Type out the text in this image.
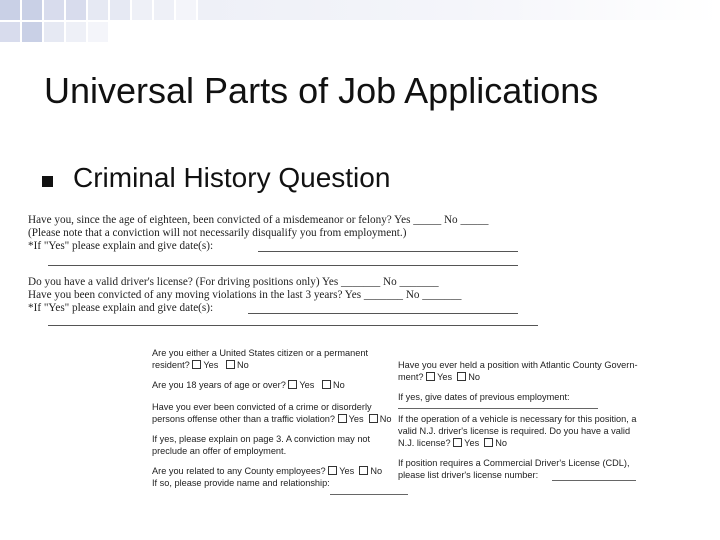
Universal Parts of Job Applications
Criminal History Question
Have you, since the age of eighteen, been convicted of a misdemeanor or felony? Yes _____ No _____
(Please note that a conviction will not necessarily disqualify you from employment.)
*If "Yes" please explain and give date(s):
Do you have a valid driver's license? (For driving positions only) Yes _______ No _______
Have you been convicted of any moving violations in the last 3 years? Yes _______ No _______
*If "Yes" please explain and give date(s):
Are you either a United States citizen or a permanent
resident? Yes No
Are you 18 years of age or over? Yes No
Have you ever been convicted of a crime or disorderly
persons offense other than a traffic violation? Yes No
If yes, please explain on page 3. A conviction may not
preclude an offer of employment.
Are you related to any County employees? Yes No
If so, please provide name and relationship:
Have you ever held a position with Atlantic County Govern-
ment? Yes No
If yes, give dates of previous employment:
If the operation of a vehicle is necessary for this position, a
valid N.J. driver's license is required. Do you have a valid
N.J. license? Yes No
If position requires a Commercial Driver's License (CDL),
please list driver's license number:
